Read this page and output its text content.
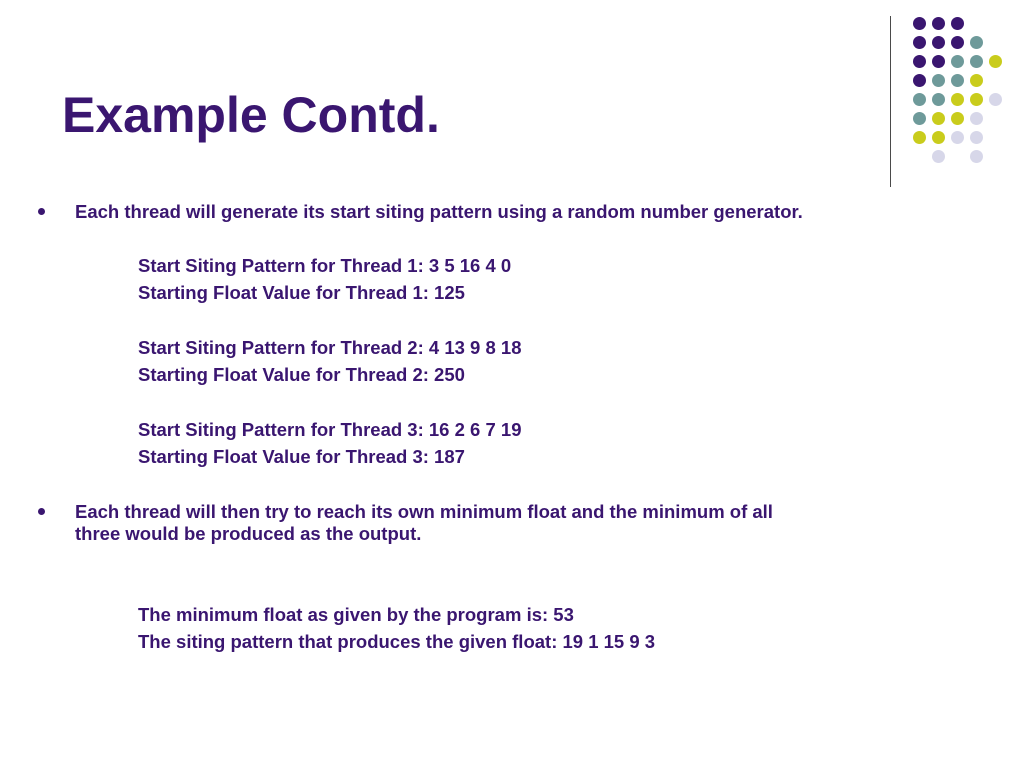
Example Contd.
Each thread will generate its start siting pattern using a random number generator.
Start Siting Pattern for Thread 1: 3 5 16 4 0
Starting Float Value for Thread 1: 125
Start Siting Pattern for Thread 2: 4 13 9 8 18
Starting Float Value for Thread 2: 250
Start Siting Pattern for Thread 3: 16 2 6 7 19
Starting Float Value for Thread 3: 187
Each thread will then try to reach its own minimum float and the minimum of all
three would be produced as the output.
The minimum float as given by the program is: 53
The siting pattern that produces the given float: 19 1 15 9 3
